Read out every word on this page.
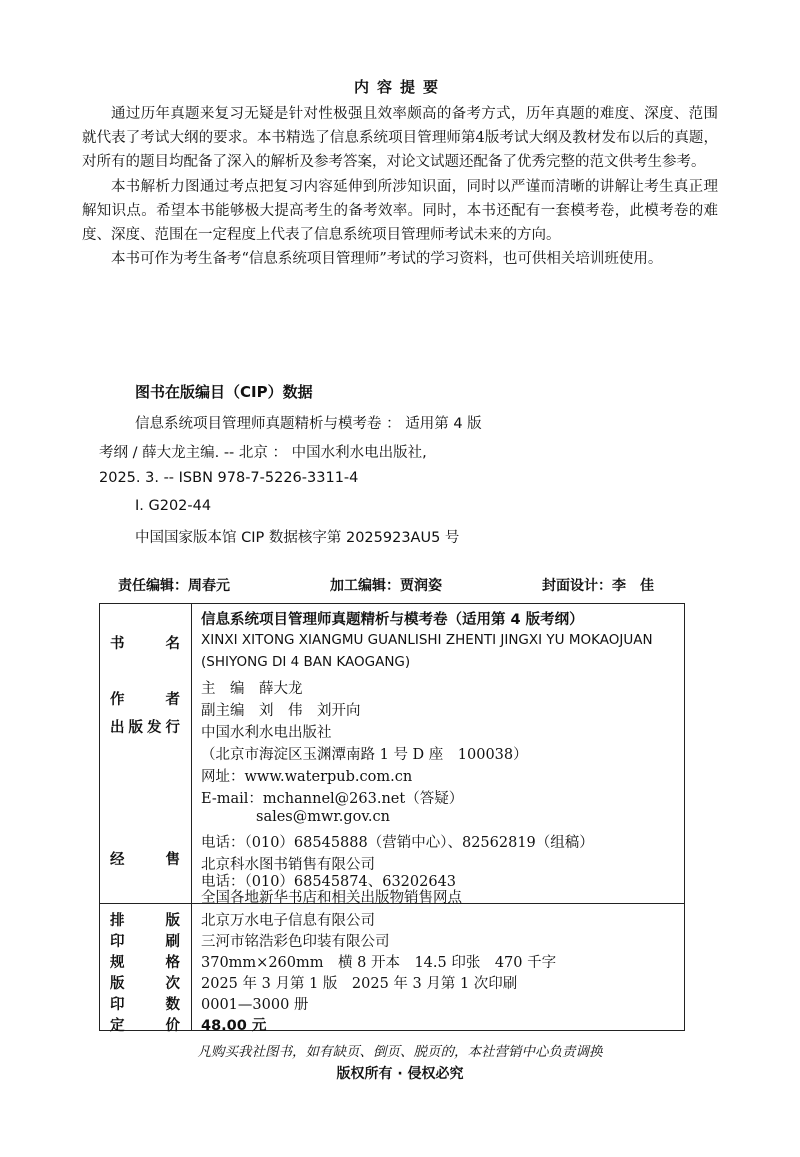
内容提要

通过历年真题来复习无疑是针对性极强且效率颇高的备考方式，历年真题的难度、深度、范围就代表了考试大纲的要求。本书精选了信息系统项目管理师第4版考试大纲及教材发布以后的真题，对所有的题目均配备了深入的解析及参考答案，对论文试题还配备了优秀完整的范文供考生参考。

本书解析力图通过考点把复习内容延伸到所涉知识面，同时以严谨而清晰的讲解让考生真正理解知识点。希望本书能够极大提高考生的备考效率。同时，本书还配有一套模考卷，此模考卷的难度、深度、范围在一定程度上代表了信息系统项目管理师考试未来的方向。

本书可作为考生备考“信息系统项目管理师”考试的学习资料，也可供相关培训班使用。

图书在版编目（CIP）数据
信息系统项目管理师真题精析与模考卷 ： 适用第 4 版
考纲 / 薛大龙主编. -- 北京 ： 中国水利水电出版社,
2025. 3. -- ISBN 978-7-5226-3311-4
Ⅰ. G202-44
中国国家版本馆 CIP 数据核字第 2025923AU5 号
责任编辑：周春元	加工编辑：贾润姿	封面设计：李　佳
书名
作者
出版发行
经售
排版
印刷
规格
版次
印数
定价
信息系统项目管理师真题精析与模考卷（适用第 4 版考纲）
XINXI XITONG XIANGMU GUANLISHI ZHENTI JINGXI YU MOKAOJUAN
(SHIYONG DI 4 BAN KAOGANG)
主　编　薛大龙
副主编　刘　伟　刘开向
中国水利水电出版社
（北京市海淀区玉渊潭南路 1 号 D 座　100038）
网址：www.waterpub.com.cn
E-mail：mchannel@263.net（答疑）
sales@mwr.gov.cn
电话：（010）68545888（营销中心）、82562819（组稿）
北京科水图书销售有限公司
电话：（010）68545874、63202643
全国各地新华书店和相关出版物销售网点
北京万水电子信息有限公司
三河市铭浩彩色印装有限公司
370mm×260mm　横 8 开本　14.5 印张　470 千字
2025 年 3 月第 1 版　2025 年 3 月第 1 次印刷
0001—3000 册
48.00 元
凡购买我社图书，如有缺页、倒页、脱页的，本社营销中心负责调换
版权所有 · 侵权必究
